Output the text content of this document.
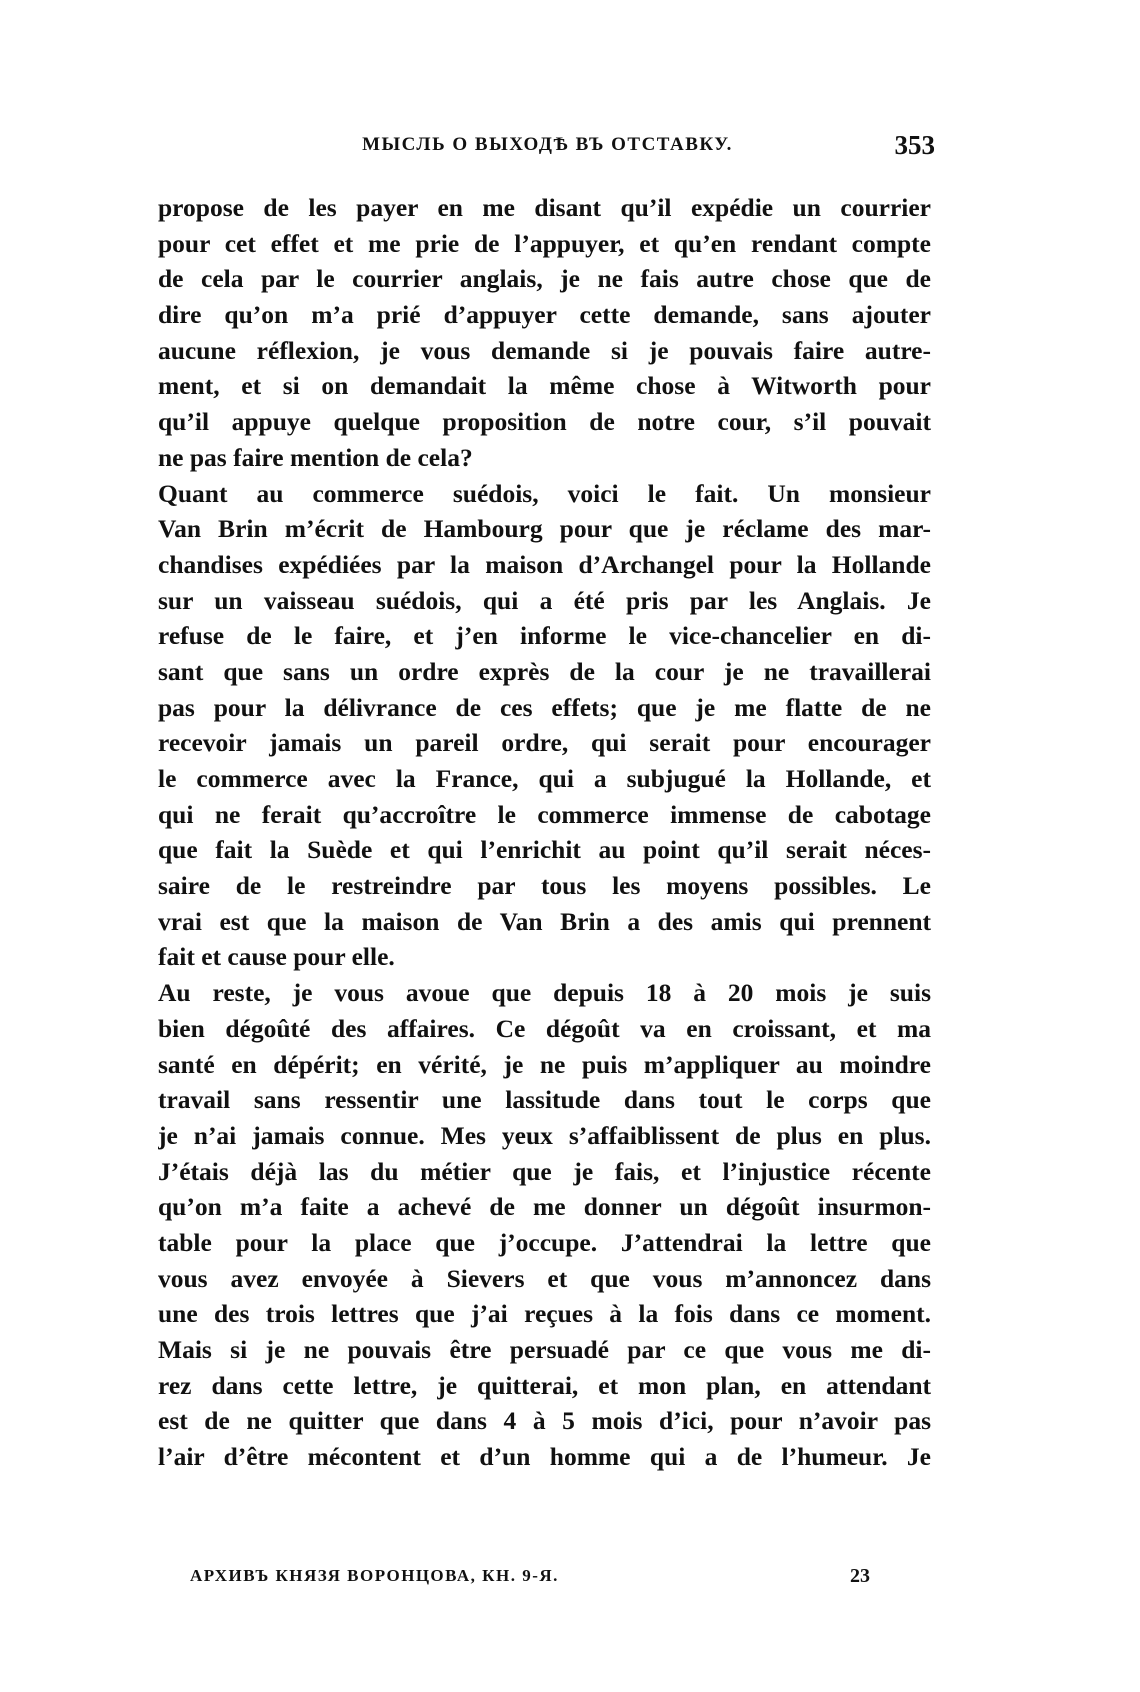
МЫСЛЬ О ВЫХОДѢ ВЪ ОТСТАВКУ.	353
propose de les payer en me disant qu’il expédie un courrier
pour cet effet et me prie de l’appuyer, et qu’en rendant compte
de cela par le courrier anglais, je ne fais autre chose que de
dire qu’on m’a prié d’appuyer cette demande, sans ajouter
aucune réflexion, je vous demande si je pouvais faire autre-
ment, et si on demandait la même chose à Witworth pour
qu’il appuye quelque proposition de notre cour, s’il pouvait
ne pas faire mention de cela?
Quant au commerce suédois, voici le fait. Un monsieur
Van Brin m’écrit de Hambourg pour que je réclame des mar-
chandises expédiées par la maison d’Archangel pour la Hollande
sur un vaisseau suédois, qui a été pris par les Anglais. Je
refuse de le faire, et j’en informe le vice-chancelier en di-
sant que sans un ordre exprès de la cour je ne travaillerai
pas pour la délivrance de ces effets; que je me flatte de ne
recevoir jamais un pareil ordre, qui serait pour encourager
le commerce avec la France, qui a subjugué la Hollande, et
qui ne ferait qu’accroître le commerce immense de cabotage
que fait la Suède et qui l’enrichit au point qu’il serait néces-
saire de le restreindre par tous les moyens possibles. Le
vrai est que la maison de Van Brin a des amis qui prennent
fait et cause pour elle.
Au reste, je vous avoue que depuis 18 à 20 mois je suis
bien dégoûté des affaires. Ce dégoût va en croissant, et ma
santé en dépérit; en vérité, je ne puis m’appliquer au moindre
travail sans ressentir une lassitude dans tout le corps que
je n’ai jamais connue. Mes yeux s’affaiblissent de plus en plus.
J’étais déjà las du métier que je fais, et l’injustice récente
qu’on m’a faite a achevé de me donner un dégoût insurmon-
table pour la place que j’occupe. J’attendrai la lettre que
vous avez envoyée à Sievers et que vous m’annoncez dans
une des trois lettres que j’ai reçues à la fois dans ce moment.
Mais si je ne pouvais être persuadé par ce que vous me di-
rez dans cette lettre, je quitterai, et mon plan, en attendant
est de ne quitter que dans 4 à 5 mois d’ici, pour n’avoir pas
l’air d’être mécontent et d’un homme qui a de l’humeur. Je
АРХИВЪ КНЯЗЯ ВОРОНЦОВА, КН. 9-Я.	23
